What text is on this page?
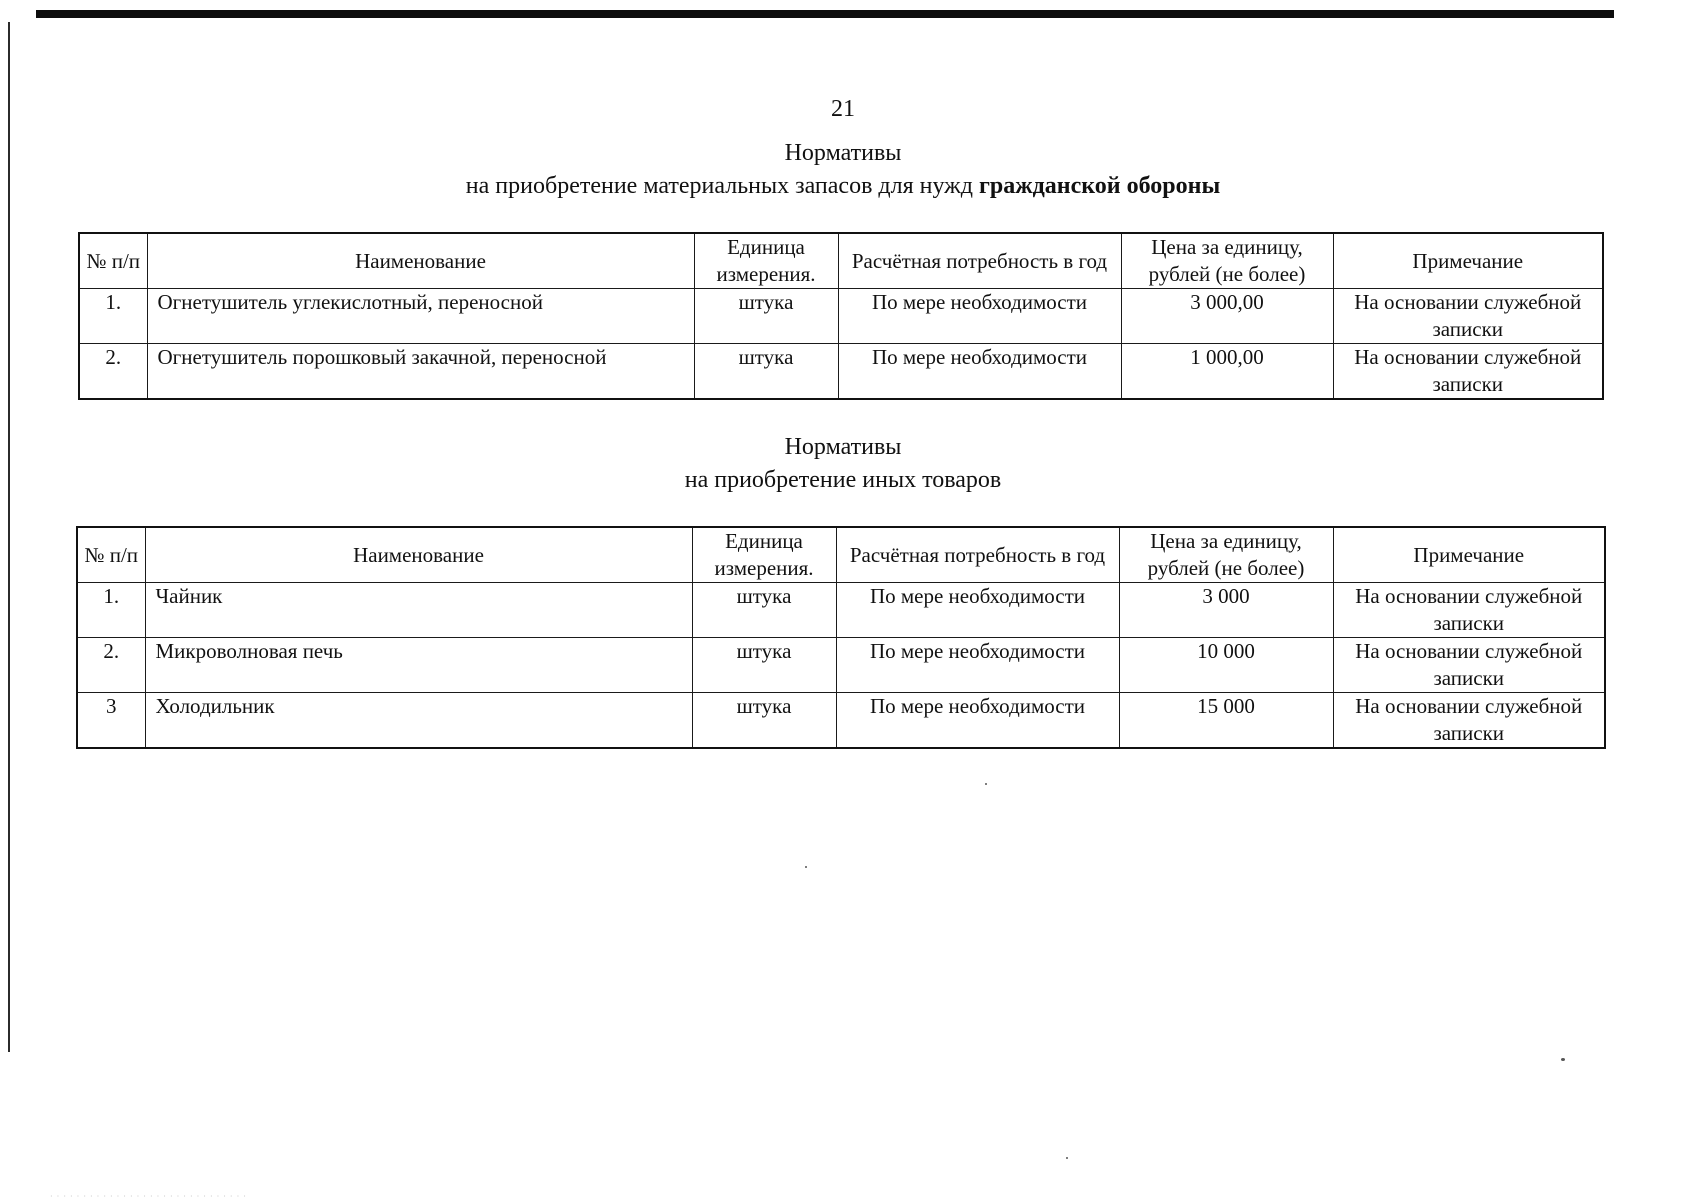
21
Нормативы
на приобретение материальных запасов для нужд гражданской обороны
№ п/п	Наименование	Единица измерения.	Расчётная потребность в год	Цена за единицу, рублей (не более)	Примечание
1.	Огнетушитель углекислотный, переносной	штука	По мере необходимости	3 000,00	На основании служебной записки
2.	Огнетушитель порошковый закачной, переносной	штука	По мере необходимости	1 000,00	На основании служебной записки
Нормативы
на приобретение иных товаров
№ п/п	Наименование	Единица измерения.	Расчётная потребность в год	Цена за единицу, рублей (не более)	Примечание
1.	Чайник	штука	По мере необходимости	3 000	На основании служебной записки
2.	Микроволновая печь	штука	По мере необходимости	10 000	На основании служебной записки
3	Холодильник	штука	По мере необходимости	15 000	На основании служебной записки
· · · · · · · · · · · · · · · · · · · · · · · · · · · · · ·
